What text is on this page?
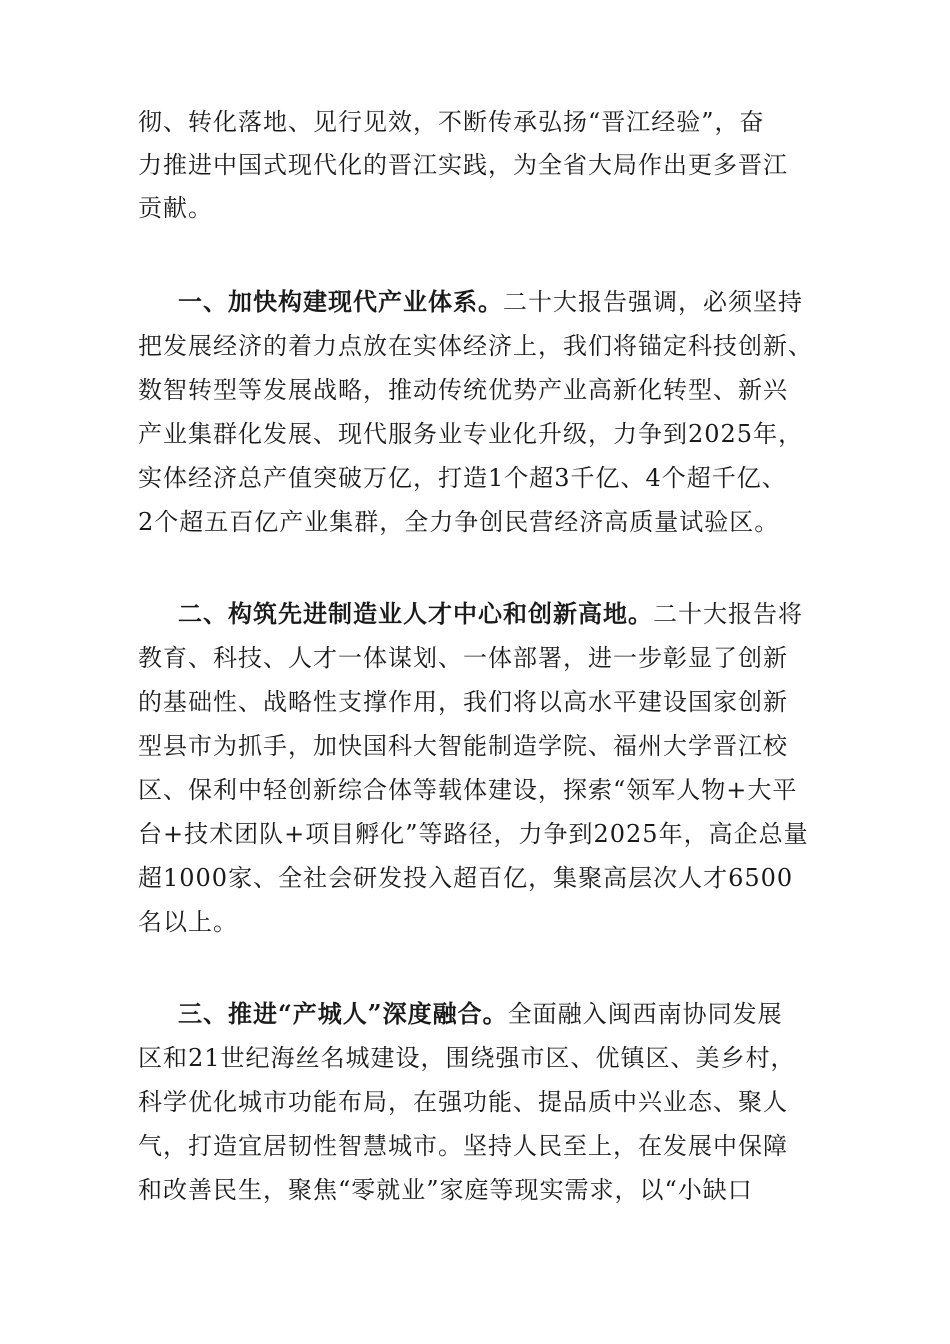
彻、转化落地、见行见效，不断传承弘扬“晋江经验”，奋
力推进中国式现代化的晋江实践，为全省大局作出更多晋江
贡献。
一、加快构建现代产业体系。二十大报告强调，必须坚持
把发展经济的着力点放在实体经济上，我们将锚定科技创新、
数智转型等发展战略，推动传统优势产业高新化转型、新兴
产业集群化发展、现代服务业专业化升级，力争到2025年，
实体经济总产值突破万亿，打造1个超3千亿、4个超千亿、
2个超五百亿产业集群，全力争创民营经济高质量试验区。
二、构筑先进制造业人才中心和创新高地。二十大报告将
教育、科技、人才一体谋划、一体部署，进一步彰显了创新
的基础性、战略性支撑作用，我们将以高水平建设国家创新
型县市为抓手，加快国科大智能制造学院、福州大学晋江校
区、保利中轻创新综合体等载体建设，探索“领军人物+大平
台+技术团队+项目孵化”等路径，力争到2025年，高企总量
超1000家、全社会研发投入超百亿，集聚高层次人才6500
名以上。
三、推进“产城人”深度融合。全面融入闽西南协同发展
区和21世纪海丝名城建设，围绕强市区、优镇区、美乡村，
科学优化城市功能布局，在强功能、提品质中兴业态、聚人
气，打造宜居韧性智慧城市。坚持人民至上，在发展中保障
和改善民生，聚焦“零就业”家庭等现实需求，以“小缺口
